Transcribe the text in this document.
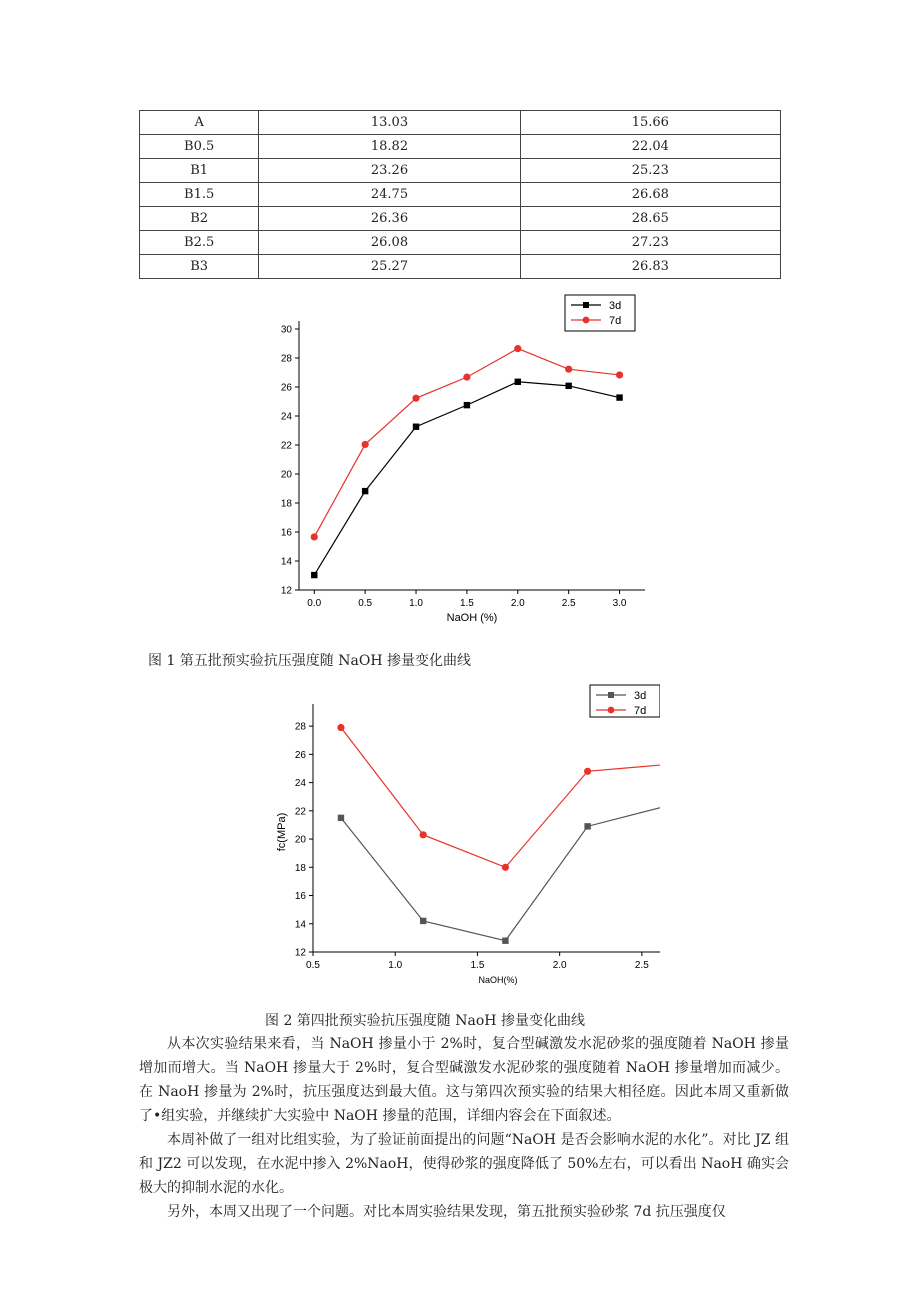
A	13.03	15.66
B0.5	18.82	22.04
B1	23.26	25.23
B1.5	24.75	26.68
B2	26.36	28.65
B2.5	26.08	27.23
B3	25.27	26.83
12
14
16
18
20
22
24
26
28
30
0.0	0.5	1.0	1.5	2.0	2.5	3.0
NaOH (%)
3d
7d
图 1 第五批预实验抗压强度随 NaOH 掺量变化曲线
12
14
16
18
20
22
24
26
28
0.5	1.0	1.5	2.0	2.5
NaOH(%)
fc(MPa)
3d
7d
图 2 第四批预实验抗压强度随 NaoH 掺量变化曲线

从本次实验结果来看，当 NaOH 掺量小于 2%时，复合型碱激发水泥砂浆的强度随着 NaOH 掺量增加而增大。当 NaOH 掺量大于 2%时，复合型碱激发水泥砂浆的强度随着 NaOH 掺量增加而减少。在 NaoH 掺量为 2%时，抗压强度达到最大值。这与第四次预实验的结果大相径庭。因此本周又重新做了•组实验，并继续扩大实验中 NaOH 掺量的范围，详细内容会在下面叙述。

本周补做了一组对比组实验，为了验证前面提出的问题“NaOH 是否会影响水泥的水化”。对比 JZ 组和 JZ2 可以发现，在水泥中掺入 2%NaoH，使得砂浆的强度降低了 50%左右，可以看出 NaoH 确实会极大的抑制水泥的水化。

另外，本周又出现了一个问题。对比本周实验结果发现，第五批预实验砂浆 7d 抗压强度仅
